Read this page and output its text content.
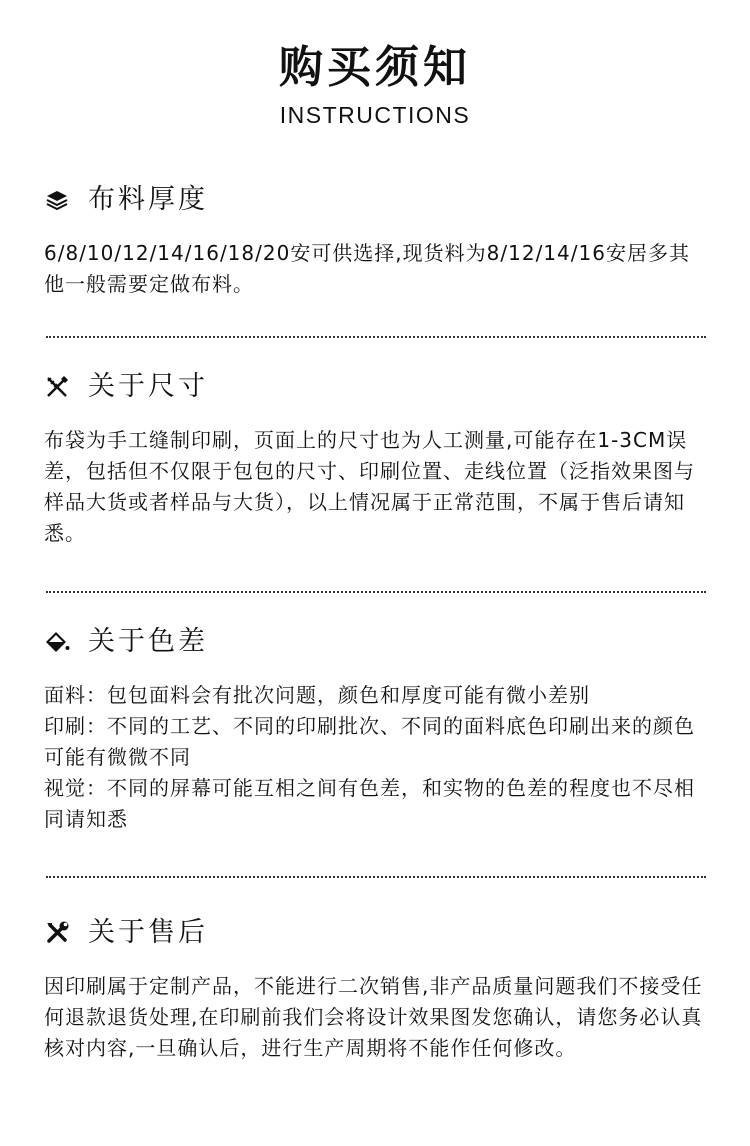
购买须知
INSTRUCTIONS
布料厚度

6/8/10/12/14/16/18/20安可供选择,现货料为8/12/14/16安居多其他一般需要定做布料。

关于尺寸

布袋为手工缝制印刷，页面上的尺寸也为人工测量,可能存在1-3CM误差，包括但不仅限于包包的尺寸、印刷位置、走线位置（泛指效果图与样品大货或者样品与大货），以上情况属于正常范围，不属于售后请知悉。

关于色差

面料：包包面料会有批次问题，颜色和厚度可能有微小差别

印刷：不同的工艺、不同的印刷批次、不同的面料底色印刷出来的颜色可能有微微不同

视觉：不同的屏幕可能互相之间有色差，和实物的色差的程度也不尽相同请知悉

关于售后

因印刷属于定制产品，不能进行二次销售,非产品质量问题我们不接受任何退款退货处理,在印刷前我们会将设计效果图发您确认，请您务必认真核对内容,一旦确认后，进行生产周期将不能作任何修改。
